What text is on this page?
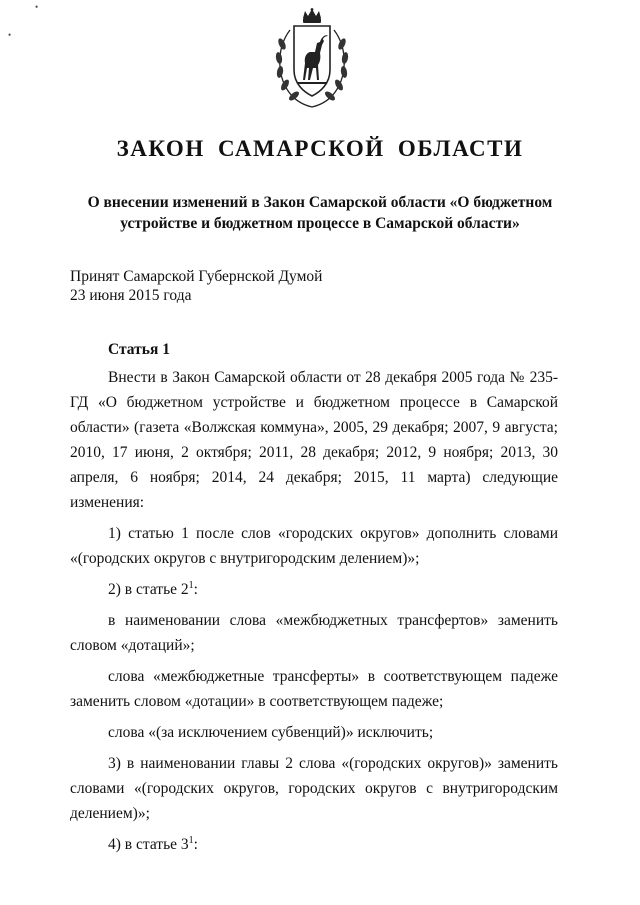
•
•
ЗАКОН САМАРСКОЙ ОБЛАСТИ
О внесении изменений в Закон Самарской области «О бюджетном устройстве и бюджетном процессе в Самарской области»
Принят Самарской Губернской Думой
23 июня 2015 года
Статья 1

Внести в Закон Самарской области от 28 декабря 2005 года № 235-ГД «О бюджетном устройстве и бюджетном процессе в Самарской области» (газета «Волжская коммуна», 2005, 29 декабря; 2007, 9 августа; 2010, 17 июня, 2 октября; 2011, 28 декабря; 2012, 9 ноября; 2013, 30 апреля, 6 ноября; 2014, 24 декабря; 2015, 11 марта) следующие изменения:

1) статью 1 после слов «городских округов» дополнить словами «(городских округов с внутригородским делением)»;

2) в статье $2^1$:

в наименовании слова «межбюджетных трансфертов» заменить словом «дотаций»;

слова «межбюджетные трансферты» в соответствующем падеже заменить словом «дотации» в соответствующем падеже;

слова «(за исключением субвенций)» исключить;

3) в наименовании главы 2 слова «(городских округов)» заменить словами «(городских округов, городских округов с внутригородским делением)»;

4) в статье $3^1$:
